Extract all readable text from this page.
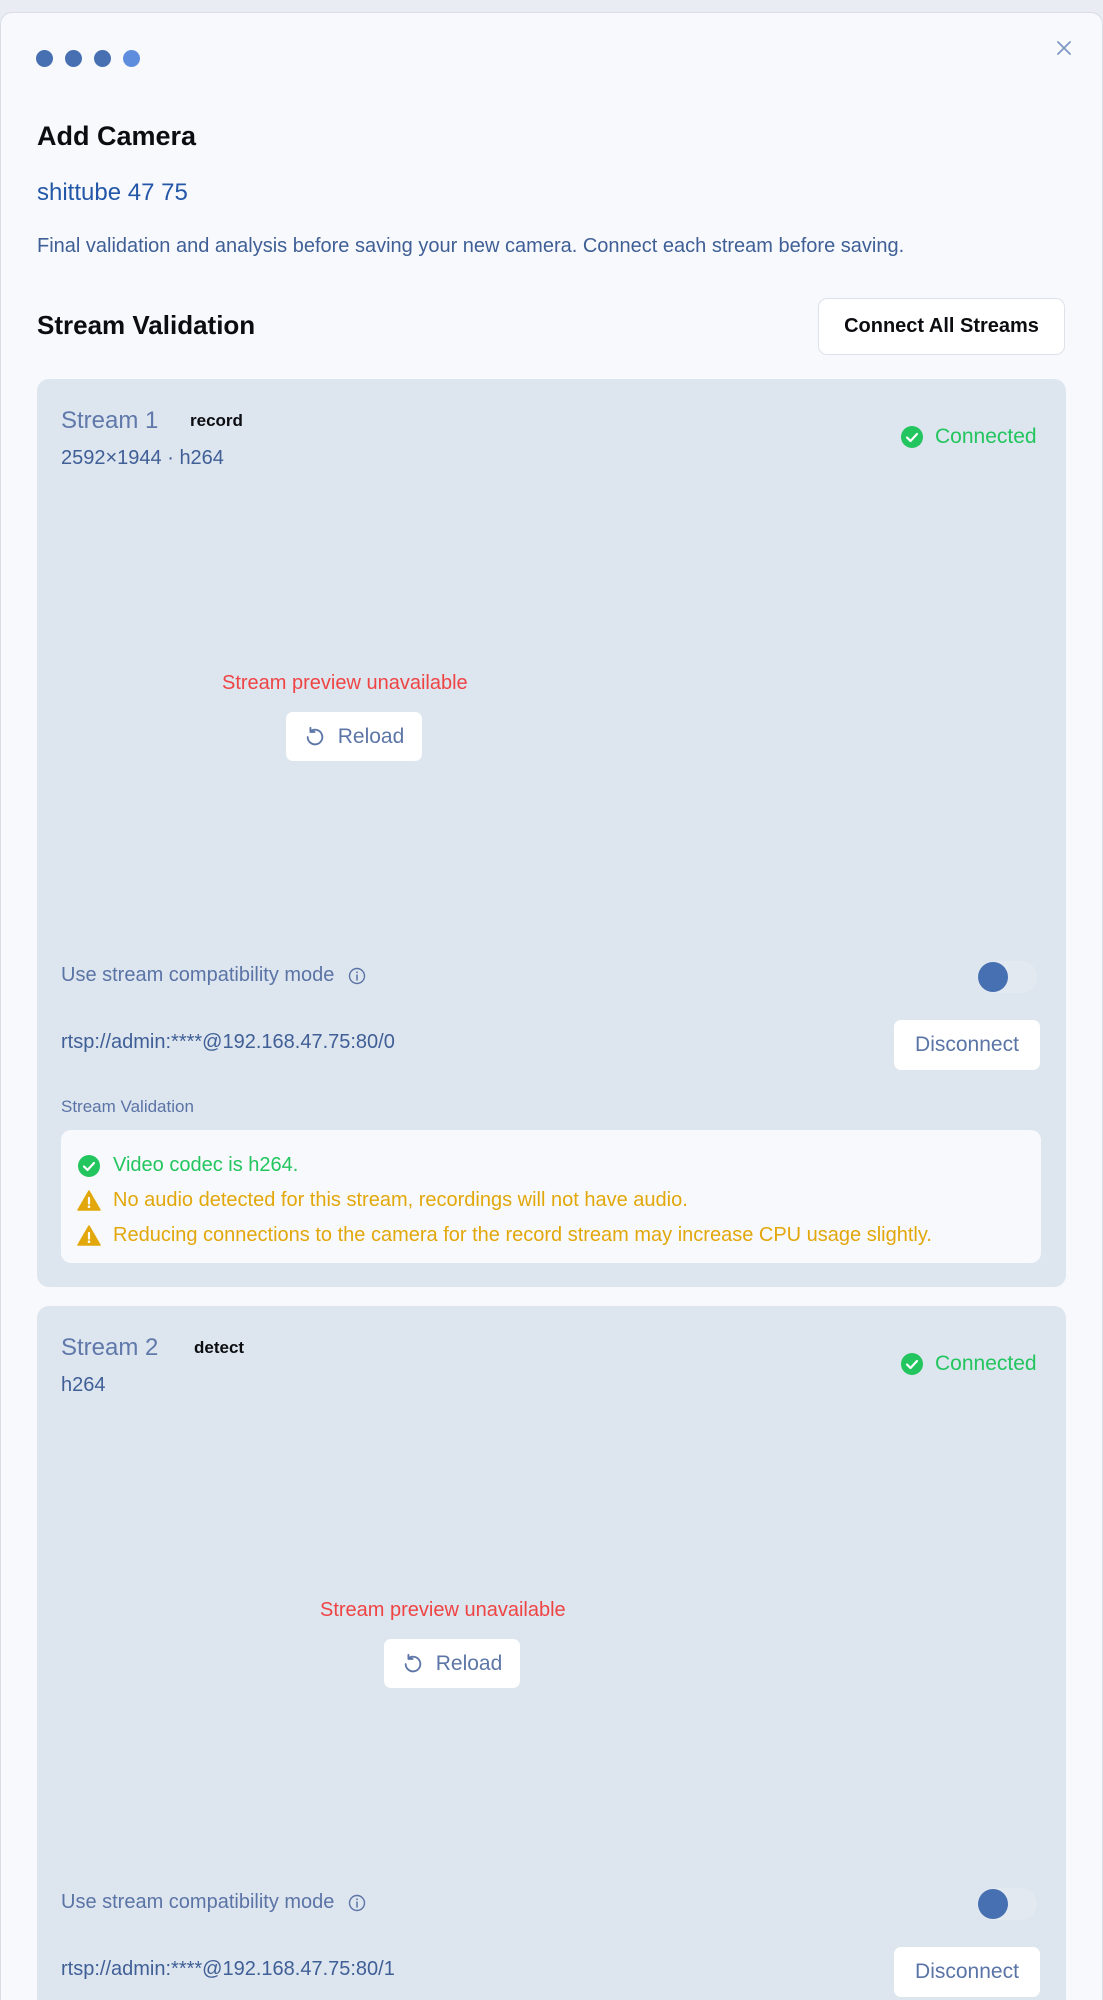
Add Camera
shittube 47 75
Final validation and analysis before saving your new camera. Connect each stream before saving.
Stream Validation	Connect All Streams
Stream 1 record
2592×1944 · h264
Connected
Stream preview unavailable
Reload
Use stream compatibility mode
rtsp://admin:****@192.168.47.75:80/0	Disconnect
Stream Validation
Video codec is h264.
No audio detected for this stream, recordings will not have audio.
Reducing connections to the camera for the record stream may increase CPU usage slightly.
Stream 2 detect
h264
Connected
Stream preview unavailable
Reload
Use stream compatibility mode
rtsp://admin:****@192.168.47.75:80/1	Disconnect
